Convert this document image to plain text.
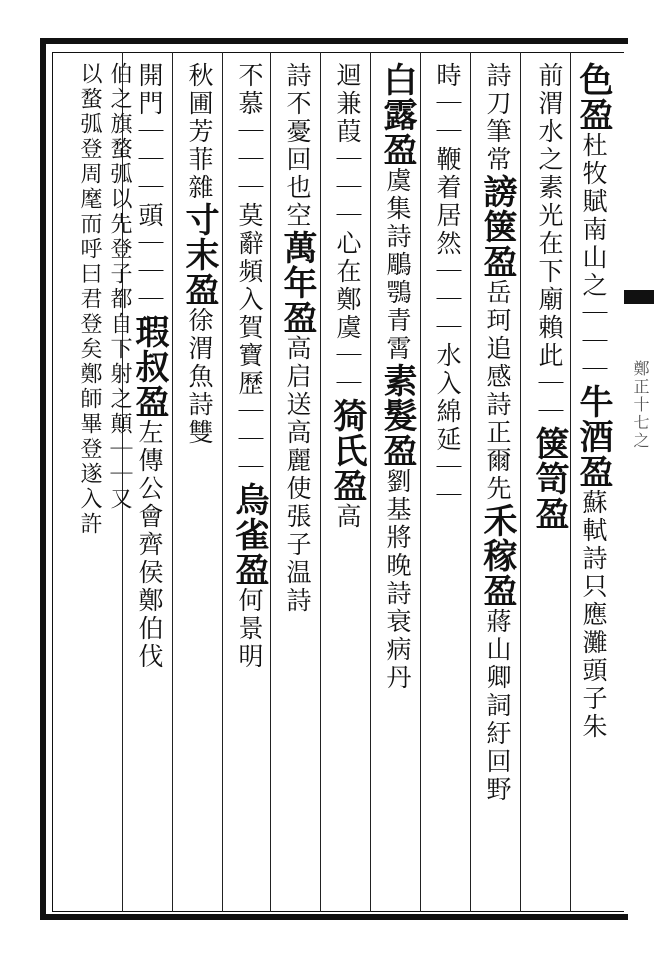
色盈杜牧賦南山之｜｜｜牛酒盈蘇軾詩只應灘頭子朱
前渭水之素光在下廟賴此｜｜箧笥盈
詩刀筆常謗箧盈岳珂追感詩正爾先禾稼盈蔣山卿詞紆回野
時｜｜鞭着居然｜｜｜水入綿延｜｜
白露盈虞集詩鵰鶚青霄素髮盈劉基將晚詩衰病丹
迴兼葭｜｜｜心在鄭虞｜｜猗氏盈高
詩不憂回也空萬年盈高启送高麗使張子温詩
不慕｜｜｜莫辭頻入賀寶歷｜｜｜烏雀盈何景明
秋圃芳菲雜寸末盈徐渭魚詩雙
開門｜｜｜頭｜｜｜瑕叔盈左傳公會齊侯鄭伯伐
伯之旗蝥弧以先登子都自下射之顛｜｜又
以蝥弧登周麾而呼曰君登矣鄭師畢登遂入許	鄭正十七之
